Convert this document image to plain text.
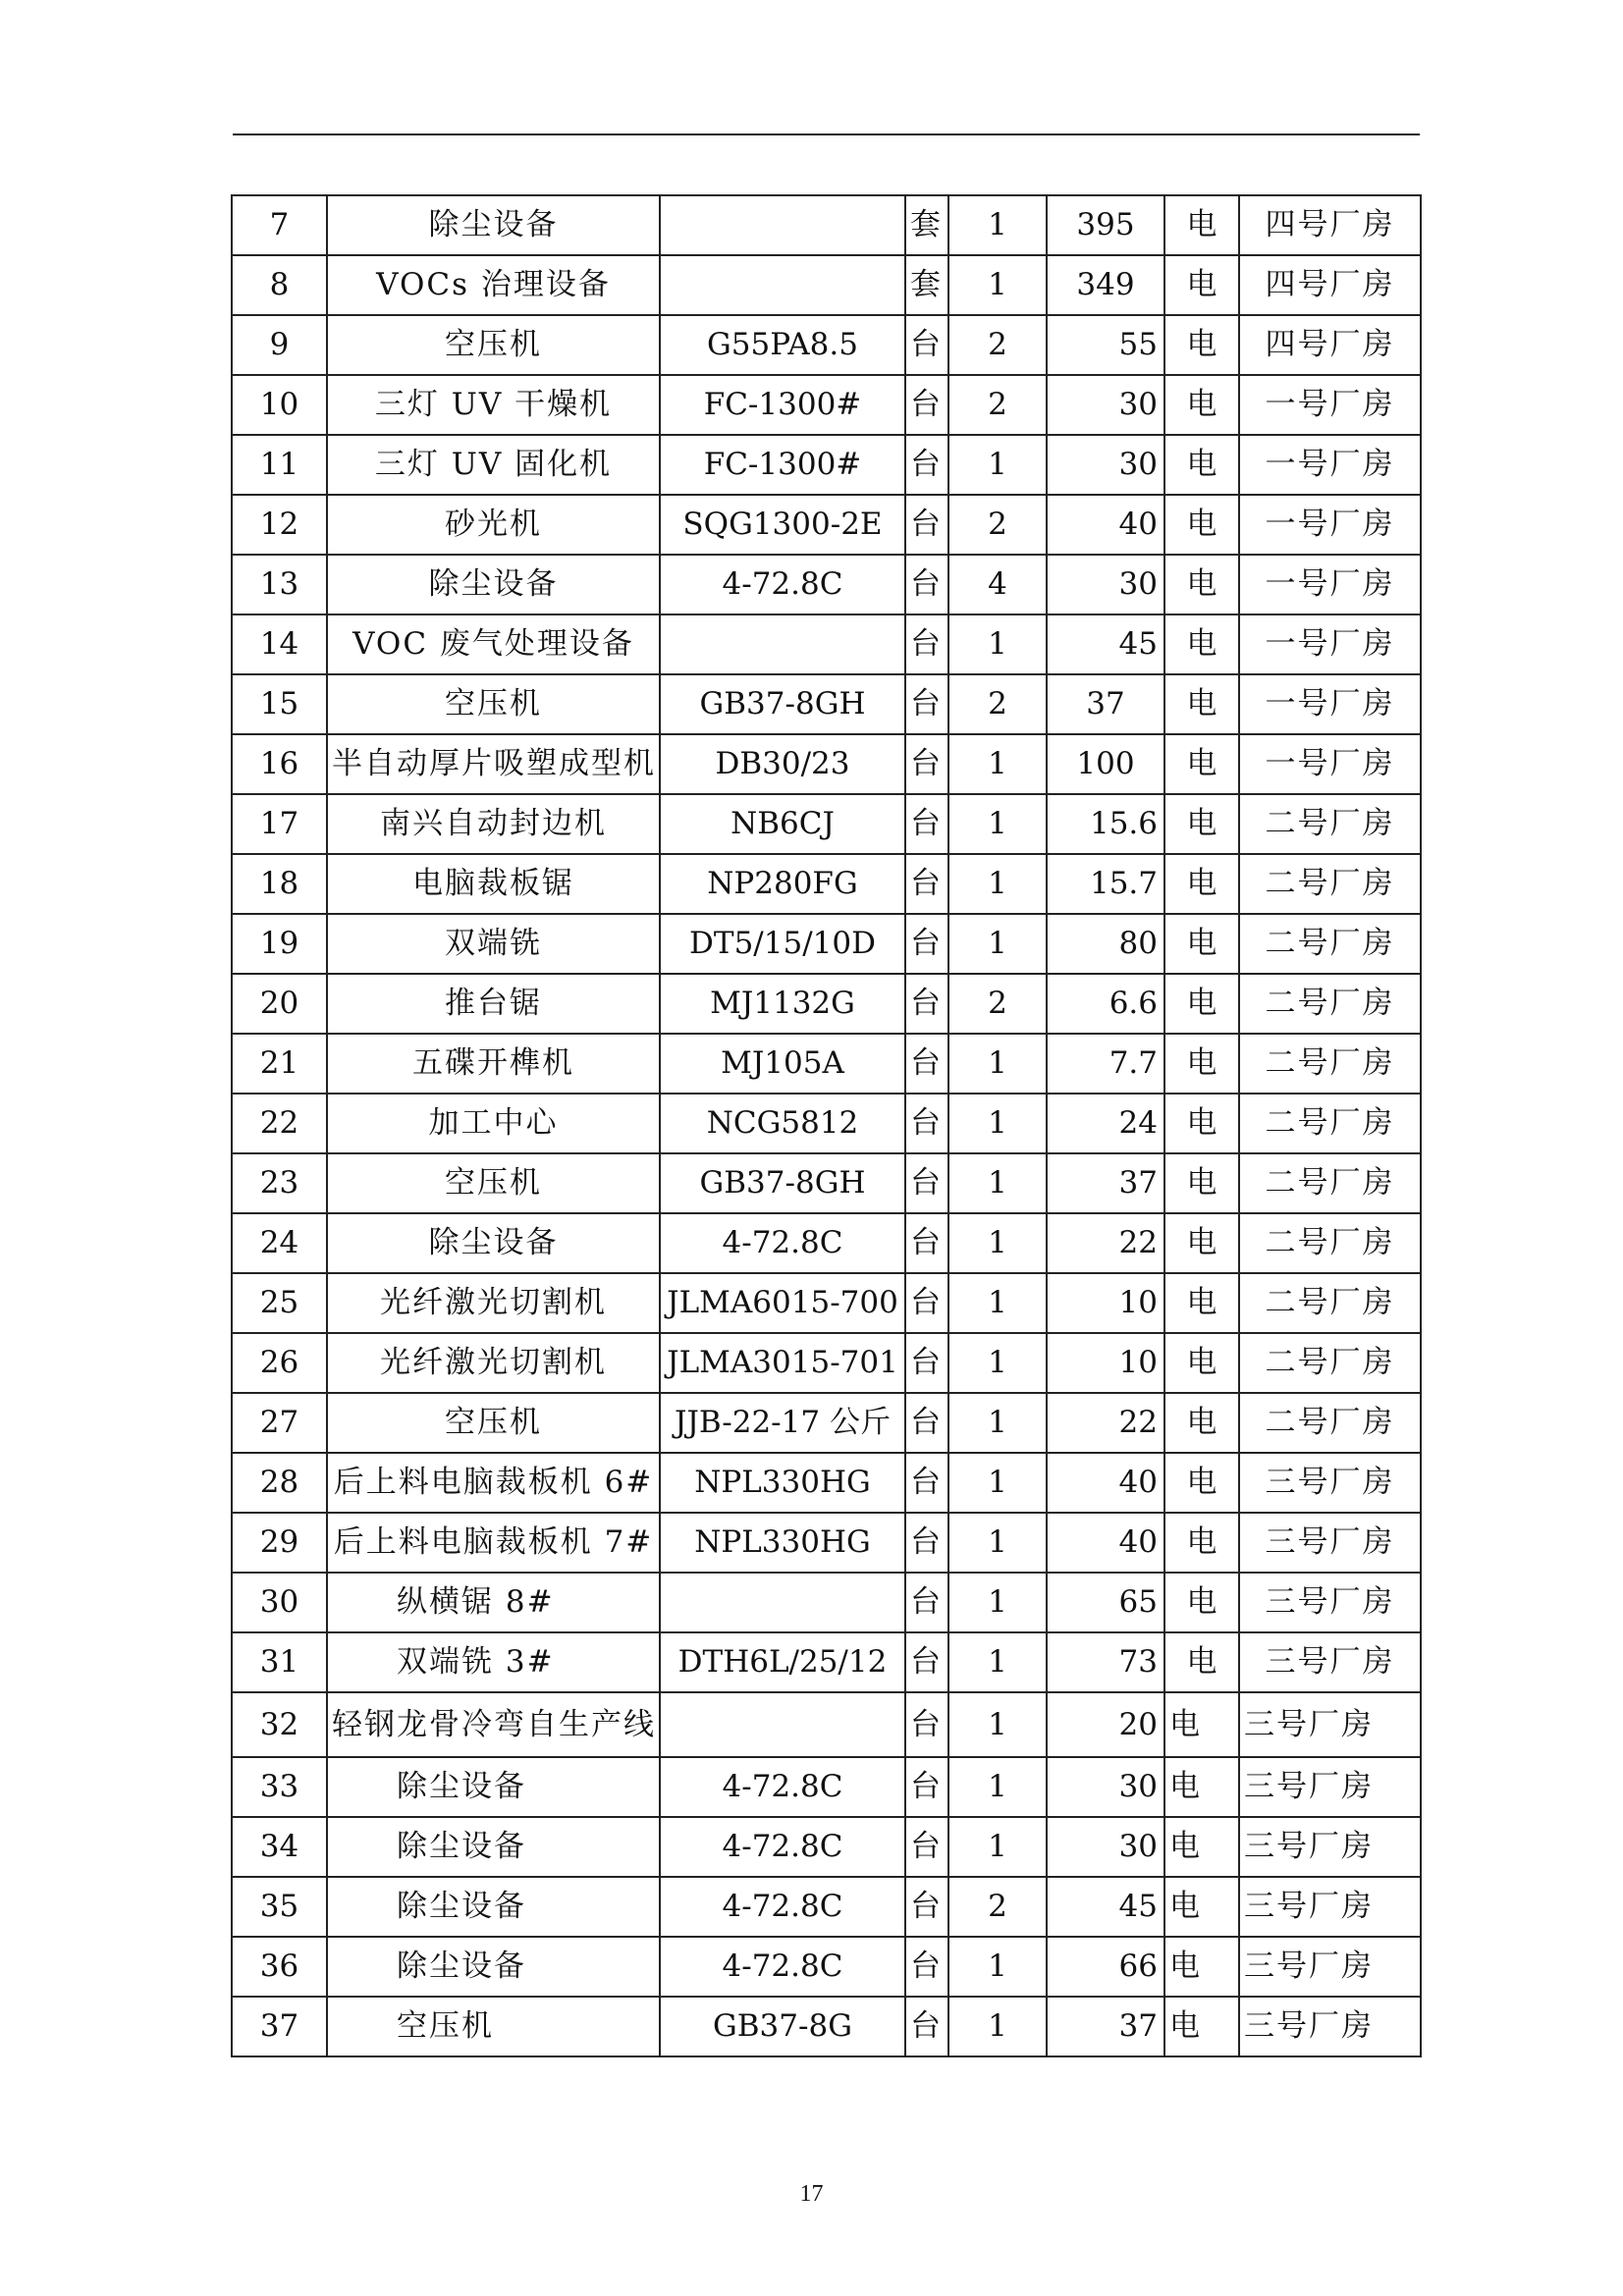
7	除尘设备		套	1	395	电	四号厂房
8	VOCs 治理设备		套	1	349	电	四号厂房
9	空压机	G55PA8.5	台	2	55	电	四号厂房
10	三灯 UV 干燥机	FC-1300#	台	2	30	电	一号厂房
11	三灯 UV 固化机	FC-1300#	台	1	30	电	一号厂房
12	砂光机	SQG1300-2E	台	2	40	电	一号厂房
13	除尘设备	4-72.8C	台	4	30	电	一号厂房
14	VOC 废气处理设备		台	1	45	电	一号厂房
15	空压机	GB37-8GH	台	2	37	电	一号厂房
16	半自动厚片吸塑成型机	DB30/23	台	1	100	电	一号厂房
17	南兴自动封边机	NB6CJ	台	1	15.6	电	二号厂房
18	电脑裁板锯	NP280FG	台	1	15.7	电	二号厂房
19	双端铣	DT5/15/10D	台	1	80	电	二号厂房
20	推台锯	MJ1132G	台	2	6.6	电	二号厂房
21	五碟开榫机	MJ105A	台	1	7.7	电	二号厂房
22	加工中心	NCG5812	台	1	24	电	二号厂房
23	空压机	GB37-8GH	台	1	37	电	二号厂房
24	除尘设备	4-72.8C	台	1	22	电	二号厂房
25	光纤激光切割机	JLMA6015-700	台	1	10	电	二号厂房
26	光纤激光切割机	JLMA3015-701	台	1	10	电	二号厂房
27	空压机	JJB-22-17 公斤	台	1	22	电	二号厂房
28	后上料电脑裁板机 6#	NPL330HG	台	1	40	电	三号厂房
29	后上料电脑裁板机 7#	NPL330HG	台	1	40	电	三号厂房
30	纵横锯 8#		台	1	65	电	三号厂房
31	双端铣 3#	DTH6L/25/12	台	1	73	电	三号厂房
32	轻钢龙骨冷弯自生产线		台	1	20	电	三号厂房
33	除尘设备	4-72.8C	台	1	30	电	三号厂房
34	除尘设备	4-72.8C	台	1	30	电	三号厂房
35	除尘设备	4-72.8C	台	2	45	电	三号厂房
36	除尘设备	4-72.8C	台	1	66	电	三号厂房
37	空压机	GB37-8G	台	1	37	电	三号厂房
17
